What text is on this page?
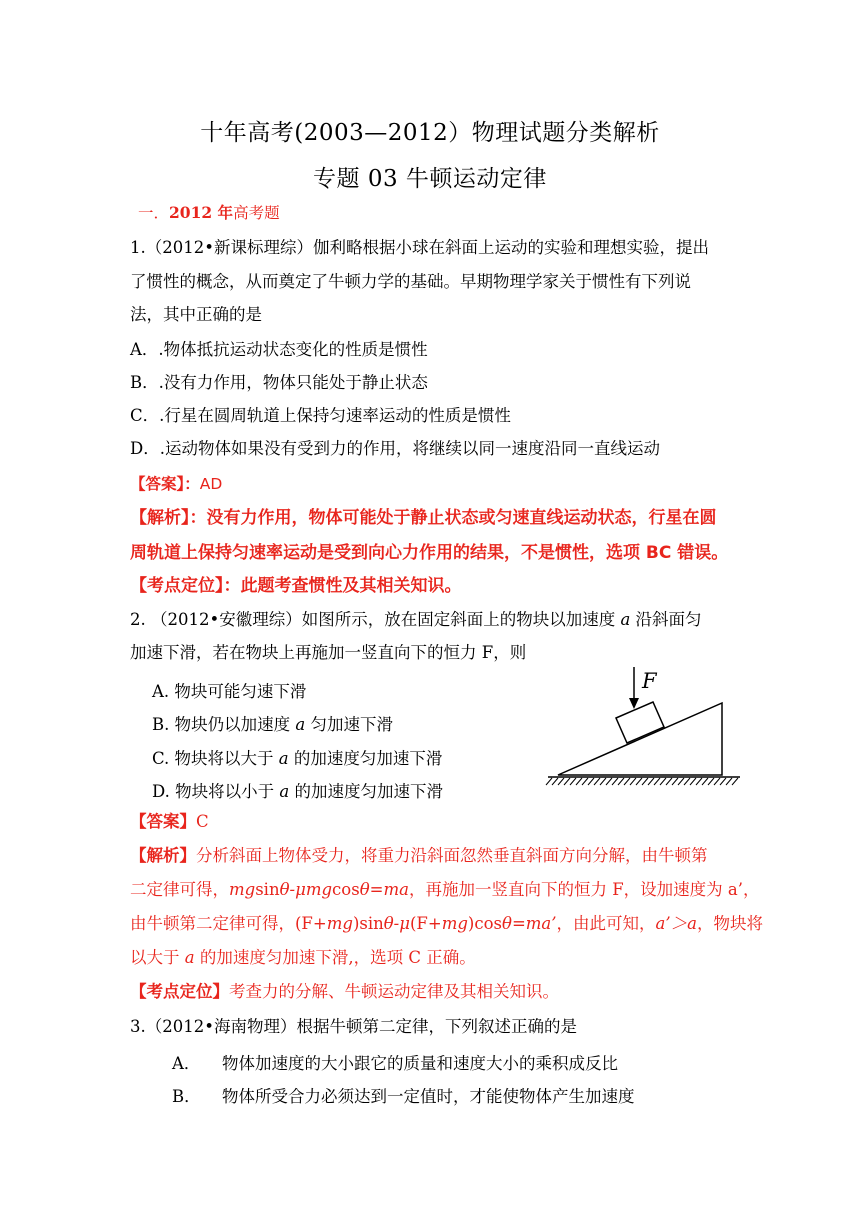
十年高考(2003—2012）物理试题分类解析
专题 03 牛顿运动定律
一．2012 年高考题
1.（2012•新课标理综）伽利略根据小球在斜面上运动的实验和理想实验，提出
了惯性的概念，从而奠定了牛顿力学的基础。早期物理学家关于惯性有下列说
法，其中正确的是
A．.物体抵抗运动状态变化的性质是惯性
B．.没有力作用，物体只能处于静止状态
C．.行星在圆周轨道上保持匀速率运动的性质是惯性
D．.运动物体如果没有受到力的作用，将继续以同一速度沿同一直线运动
【答案】：AD
【解析】：没有力作用，物体可能处于静止状态或匀速直线运动状态，行星在圆
周轨道上保持匀速率运动是受到向心力作用的结果，不是惯性，选项 BC 错误。
【考点定位】：此题考查惯性及其相关知识。
2. （2012•安徽理综）如图所示，放在固定斜面上的物块以加速度 a 沿斜面匀
加速下滑，若在物块上再施加一竖直向下的恒力 F，则
A. 物块可能匀速下滑
B. 物块仍以加速度 a 匀加速下滑
C. 物块将以大于 a 的加速度匀加速下滑
D. 物块将以小于 a 的加速度匀加速下滑
F
【答案】C
【解析】分析斜面上物体受力，将重力沿斜面忽然垂直斜面方向分解，由牛顿第
二定律可得，mgsinθ-μmgcosθ=ma，再施加一竖直向下的恒力 F，设加速度为 a’，
由牛顿第二定律可得，(F+mg)sinθ-μ(F+mg)cosθ=ma’，由此可知，a’＞a，物块将
以大于 a 的加速度匀加速下滑,，选项 C 正确。
【考点定位】考查力的分解、牛顿运动定律及其相关知识。
3.（2012•海南物理）根据牛顿第二定律，下列叙述正确的是
A． 物体加速度的大小跟它的质量和速度大小的乘积成反比
B． 物体所受合力必须达到一定值时，才能使物体产生加速度
